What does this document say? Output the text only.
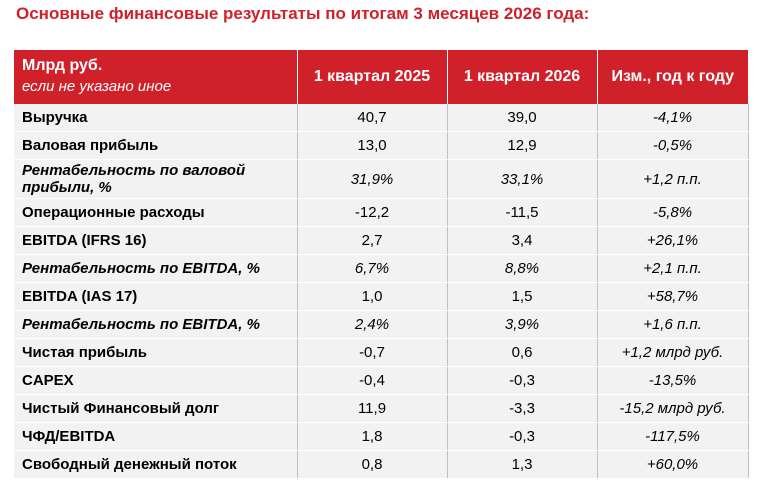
Основные финансовые результаты по итогам 3 месяцев 2026 года:
Млрд руб.
если не указано иное	1 квартал 2025	1 квартал 2026	Изм., год к году
Выручка	40,7	39,0	-4,1%
Валовая прибыль	13,0	12,9	-0,5%
Рентабельность по валовой прибыли, %	31,9%	33,1%	+1,2 п.п.
Операционные расходы	-12,2	-11,5	-5,8%
EBITDA (IFRS 16)	2,7	3,4	+26,1%
Рентабельность по EBITDA, %	6,7%	8,8%	+2,1 п.п.
EBITDA (IAS 17)	1,0	1,5	+58,7%
Рентабельность по EBITDA, %	2,4%	3,9%	+1,6 п.п.
Чистая прибыль	-0,7	0,6	+1,2 млрд руб.
CAPEX	-0,4	-0,3	-13,5%
Чистый Финансовый долг	11,9	-3,3	-15,2 млрд руб.
ЧФД/EBITDA	1,8	-0,3	-117,5%
Свободный денежный поток	0,8	1,3	+60,0%
